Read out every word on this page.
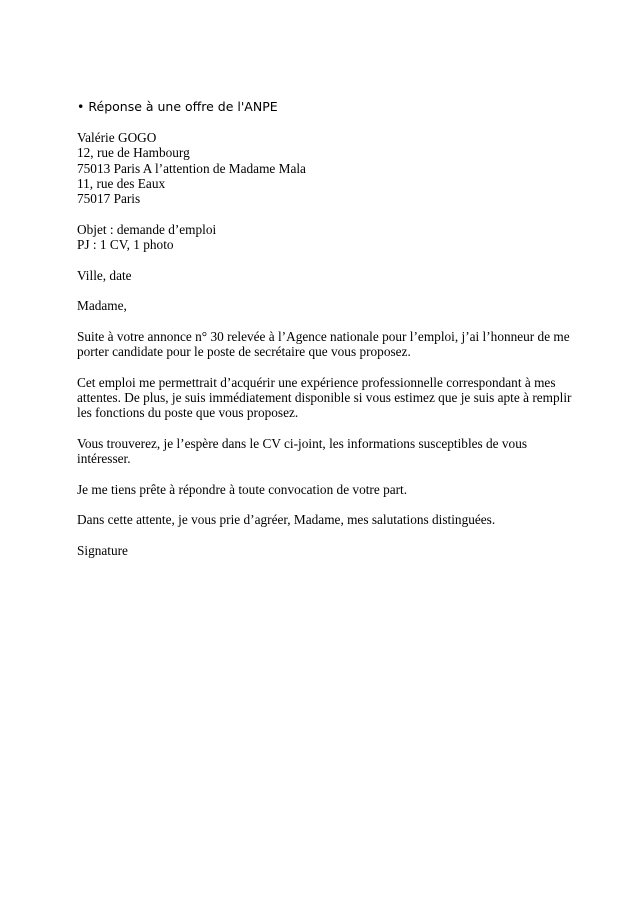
• Réponse à une offre de l'ANPE
Valérie GOGO
12, rue de Hambourg
75013 Paris A l’attention de Madame Mala
11, rue des Eaux
75017 Paris
Objet : demande d’emploi
PJ : 1 CV, 1 photo
Ville, date
Madame,
Suite à votre annonce n° 30 relevée à l’Agence nationale pour l’emploi, j’ai l’honneur de me
porter candidate pour le poste de secrétaire que vous proposez.
Cet emploi me permettrait d’acquérir une expérience professionnelle correspondant à mes
attentes. De plus, je suis immédiatement disponible si vous estimez que je suis apte à remplir
les fonctions du poste que vous proposez.
Vous trouverez, je l’espère dans le CV ci-joint, les informations susceptibles de vous
intéresser.
Je me tiens prête à répondre à toute convocation de votre part.
Dans cette attente, je vous prie d’agréer, Madame, mes salutations distinguées.
Signature
